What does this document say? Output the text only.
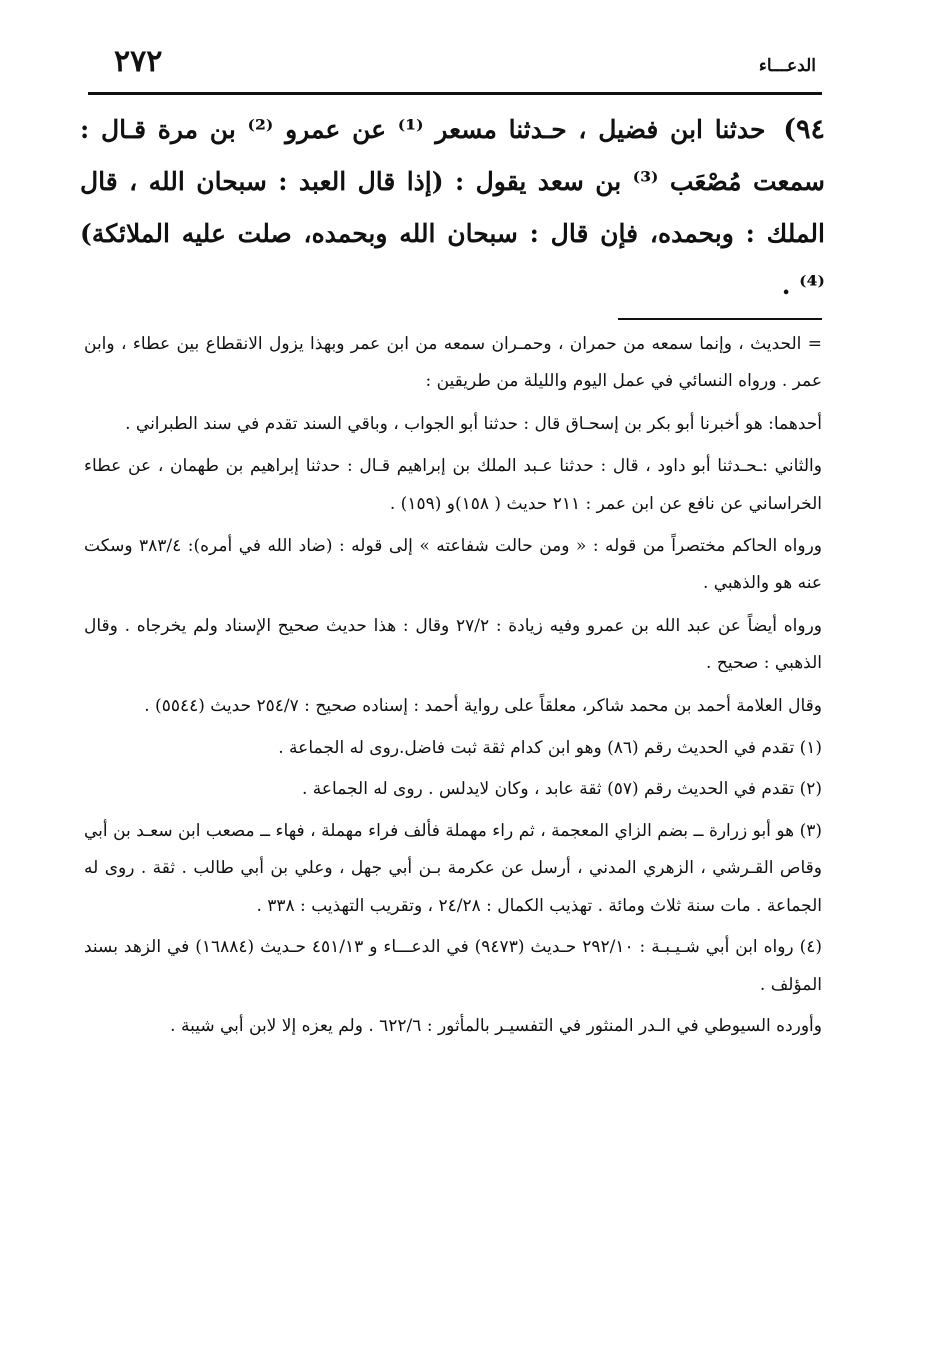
الدعـــاء
٢٧٢
٩٤) حدثنا ابن فضيل ، حـدثنا مسعر ⁽¹⁾ عن عمرو ⁽²⁾ بن مرة قـال : سمعت مُصْعَب ⁽³⁾ بن سعد يقول : (إذا قال العبد : سبحان الله ، قال الملك : وبحمده، فإن قال : سبحان الله وبحمده، صلت عليه الملائكة) ⁽⁴⁾ .

= الحديث ، وإنما سمعه من حمران ، وحمـران سمعه من ابن عمر وبهذا يزول الانقطاع بين عطاء ، وابن عمر . ورواه النسائي في عمل اليوم والليلة من طريقين :

أحدهما: هو أخبرنا أبو بكر بن إسحـاق قال : حدثنا أبو الجواب ، وباقي السند تقدم في سند الطبراني .

والثاني :ـحـدثنا أبو داود ، قال : حدثنا عـبد الملك بن إبراهيم قـال : حدثنا إبراهيم بن طهمان ، عن عطاء الخراساني عن نافع عن ابن عمر : ٢١١ حديث ( ١٥٨)و (١٥٩) .

ورواه الحاكم مختصراً من قوله : « ومن حالت شفاعته » إلى قوله : (ضاد الله في أمره): ٣٨٣/٤ وسكت عنه هو والذهبي .

ورواه أيضاً عن عبد الله بن عمرو وفيه زيادة : ٢٧/٢ وقال : هذا حديث صحيح الإسناد ولم يخرجاه . وقال الذهبي : صحيح .

وقال العلامة أحمد بن محمد شاكر، معلقاً على رواية أحمد : إسناده صحيح : ٢٥٤/٧ حديث (٥٥٤٤) .

(١) تقدم في الحديث رقم (٨٦) وهو ابن كدام ثقة ثبت فاضل.روى له الجماعة .

(٢) تقدم في الحديث رقم (٥٧) ثقة عابد ، وكان لايدلس . روى له الجماعة .

(٣) هو أبو زرارة ــ بضم الزاي المعجمة ، ثم راء مهملة فألف فراء مهملة ، فهاء ــ مصعب ابن سعـد بن أبي وقاص القـرشي ، الزهري المدني ، أرسل عن عكرمة بـن أبي جهل ، وعلي بن أبي طالب . ثقة . روى له الجماعة . مات سنة ثلاث ومائة . تهذيب الكمال : ٢٤/٢٨ ، وتقريب التهذيب : ٣٣٨ .

(٤) رواه ابن أبي شـيـبـة : ٢٩٢/١٠ حـديث (٩٤٧٣) في الدعـــاء و ٤٥١/١٣ حـديث (١٦٨٨٤) في الزهد بسند المؤلف .

وأورده السيوطي في الـدر المنثور في التفسيـر بالمأثور : ٦٢٢/٦ . ولم يعزه إلا لابن أبي شيبة .
